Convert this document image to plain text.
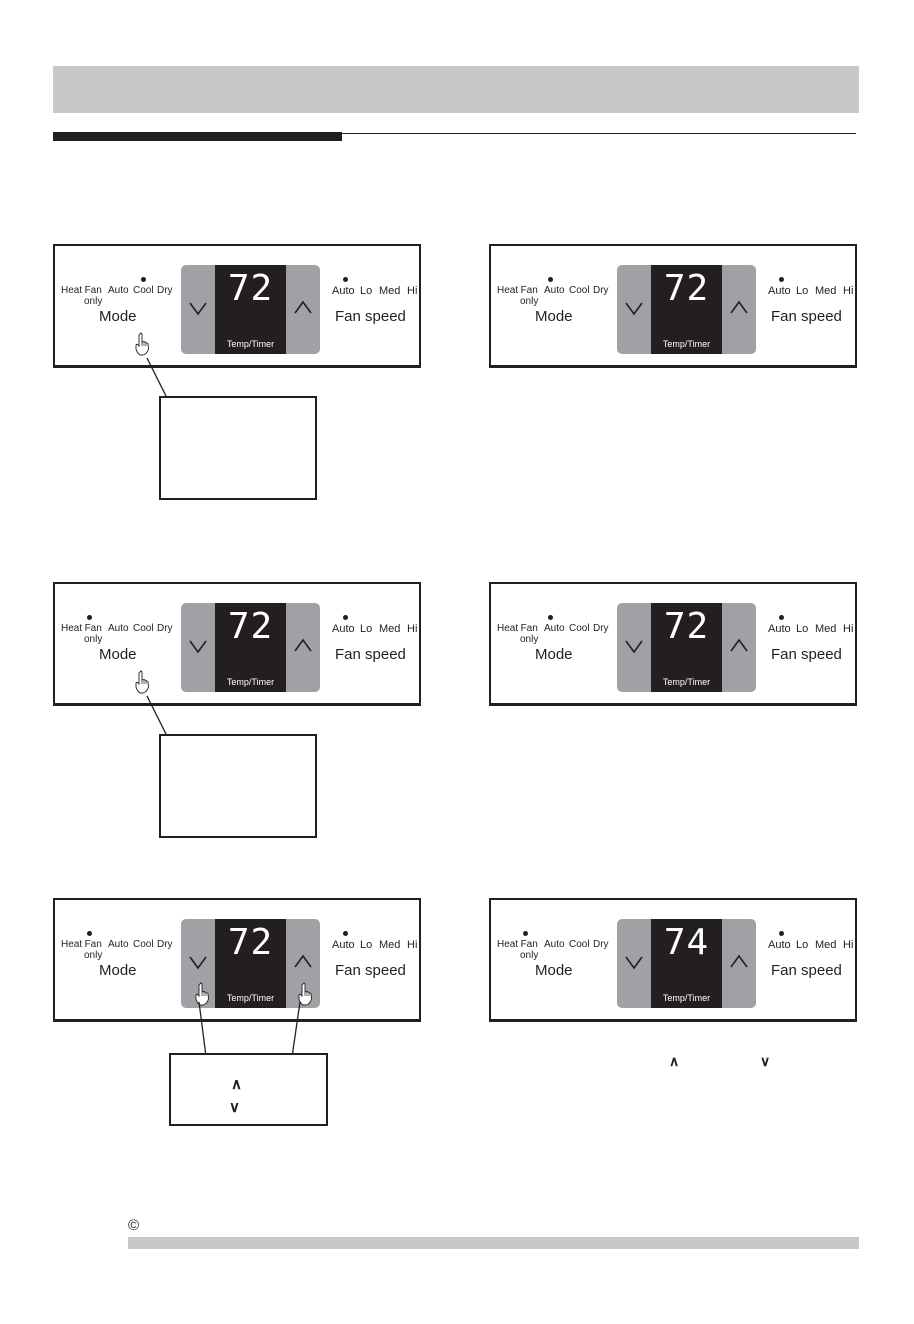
Heat Fan
only
Auto Cool Dry
Mode
72
Temp/Timer
Auto Lo Med Hi
Fan speed
Heat Fan
only
Auto Cool Dry
Mode
72
Temp/Timer
Auto Lo Med Hi
Fan speed
Heat Fan
only
Auto Cool Dry
Mode
72
Temp/Timer
Auto Lo Med Hi
Fan speed
Heat Fan
only
Auto Cool Dry
Mode
72
Temp/Timer
Auto Lo Med Hi
Fan speed
Heat Fan
only
Auto Cool Dry
Mode
72
Temp/Timer
Auto Lo Med Hi
Fan speed
Heat Fan
only
Auto Cool Dry
Mode
74
Temp/Timer
Auto Lo Med Hi
Fan speed
∧
∨
∧	∨
©
